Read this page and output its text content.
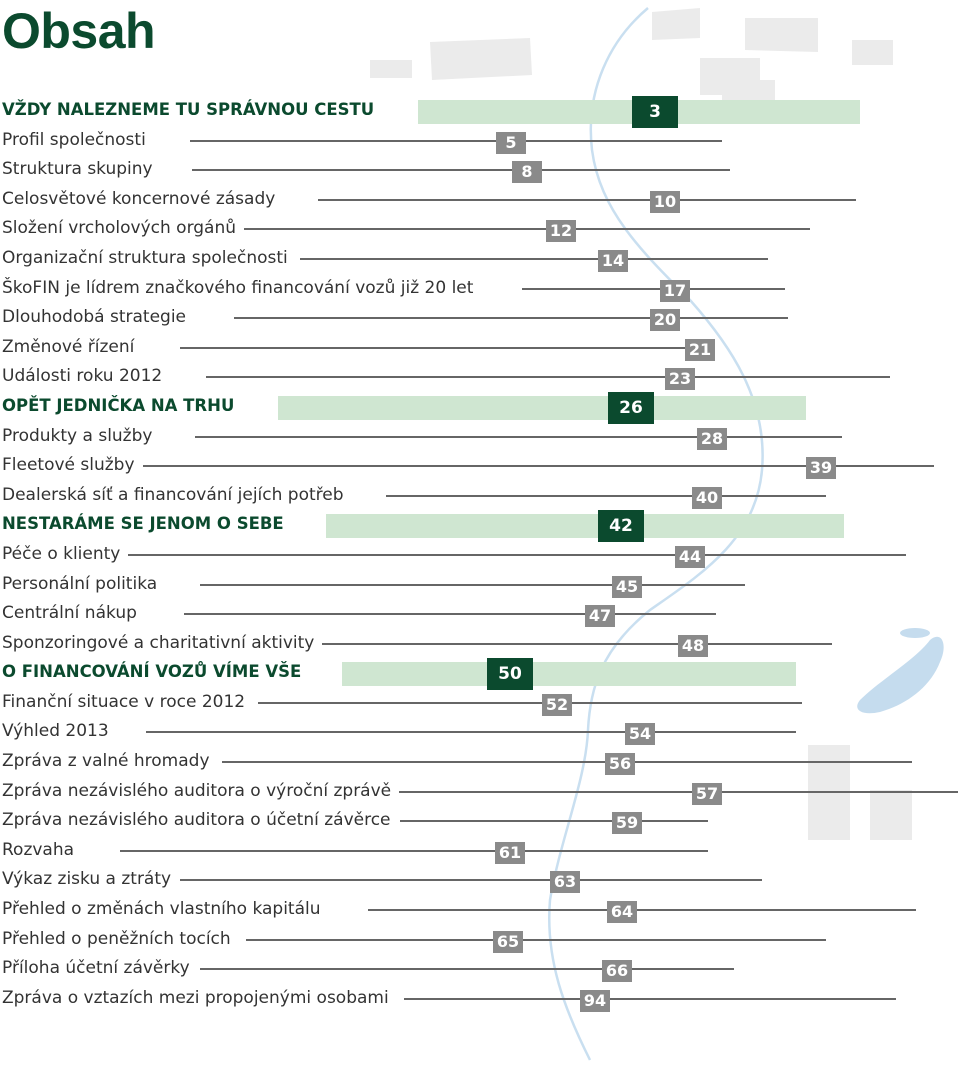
Obsah
VŽDY NALEZNEME TU SPRÁVNOU CESTU	3
Profil společnosti	5
Struktura skupiny	8
Celosvětové koncernové zásady	10
Složení vrcholových orgánů	12
Organizační struktura společnosti	14
ŠkoFIN je lídrem značkového financování vozů již 20 let	17
Dlouhodobá strategie	20
Změnové řízení	21
Události roku 2012	23
OPĚT JEDNIČKA NA TRHU	26
Produkty a služby	28
Fleetové služby	39
Dealerská síť a financování jejích potřeb	40
NESTARÁME SE JENOM O SEBE	42
Péče o klienty	44
Personální politika	45
Centrální nákup	47
Sponzoringové a charitativní aktivity	48
O FINANCOVÁNÍ VOZŮ VÍME VŠE	50
Finanční situace v roce 2012	52
Výhled 2013	54
Zpráva z valné hromady	56
Zpráva nezávislého auditora o výroční zprávě	57
Zpráva nezávislého auditora o účetní závěrce	59
Rozvaha	61
Výkaz zisku a ztráty	63
Přehled o změnách vlastního kapitálu	64
Přehled o peněžních tocích	65
Příloha účetní závěrky	66
Zpráva o vztazích mezi propojenými osobami	94
